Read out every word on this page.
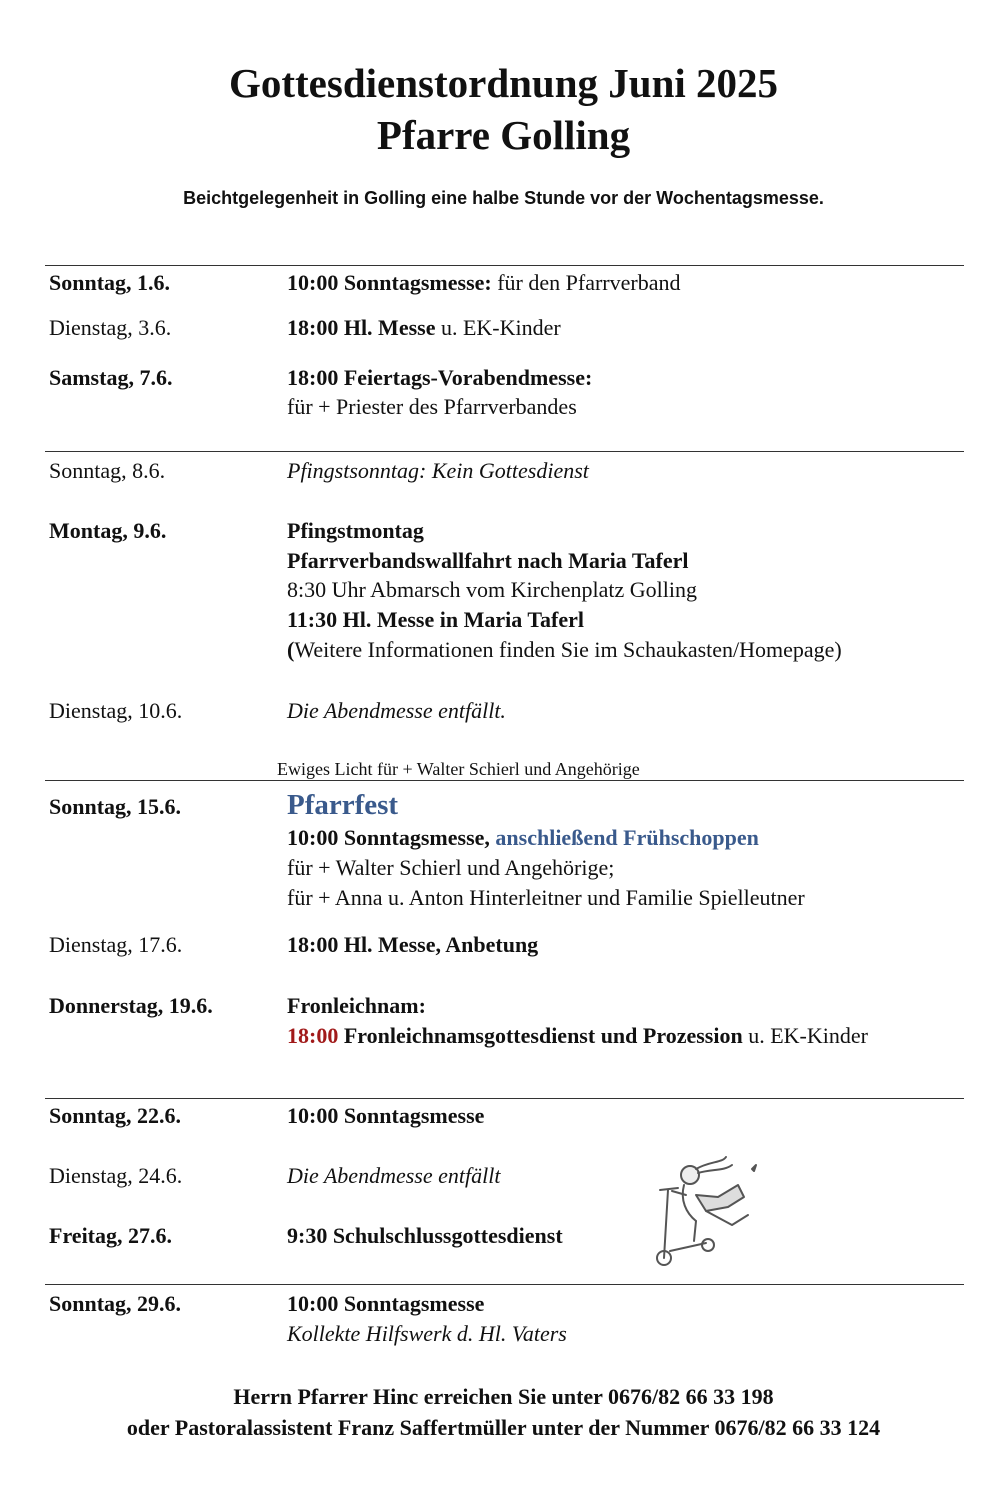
Gottesdienstordnung Juni 2025
Pfarre Golling
Beichtgelegenheit in Golling eine halbe Stunde vor der Wochentagsmesse.
Sonntag, 1.6.	10:00 Sonntagsmesse: für den Pfarrverband
Dienstag, 3.6.	18:00 Hl. Messe u. EK-Kinder
Samstag, 7.6.	18:00 Feiertags-Vorabendmesse:
für + Priester des Pfarrverbandes
Sonntag, 8.6.	Pfingstsonntag: Kein Gottesdienst
Montag, 9.6.	Pfingstmontag
Pfarrverbandswallfahrt nach Maria Taferl
8:30 Uhr Abmarsch vom Kirchenplatz Golling
11:30 Hl. Messe in Maria Taferl
(Weitere Informationen finden Sie im Schaukasten/Homepage)
Dienstag, 10.6.	Die Abendmesse entfällt.
Ewiges Licht für + Walter Schierl und Angehörige
Sonntag, 15.6.	Pfarrfest
10:00 Sonntagsmesse, anschließend Frühschoppen
für + Walter Schierl und Angehörige;
für + Anna u. Anton Hinterleitner und Familie Spielleutner
Dienstag, 17.6.	18:00 Hl. Messe, Anbetung
Donnerstag, 19.6.	Fronleichnam:
18:00 Fronleichnamsgottesdienst und Prozession u. EK-Kinder
Sonntag, 22.6.	10:00 Sonntagsmesse
Dienstag, 24.6.	Die Abendmesse entfällt
Freitag, 27.6.	9:30 Schulschlussgottesdienst
Sonntag, 29.6.	10:00 Sonntagsmesse
Kollekte Hilfswerk d. Hl. Vaters
Herrn Pfarrer Hinc erreichen Sie unter 0676/82 66 33 198
oder Pastoralassistent Franz Saffertmüller unter der Nummer 0676/82 66 33 124
